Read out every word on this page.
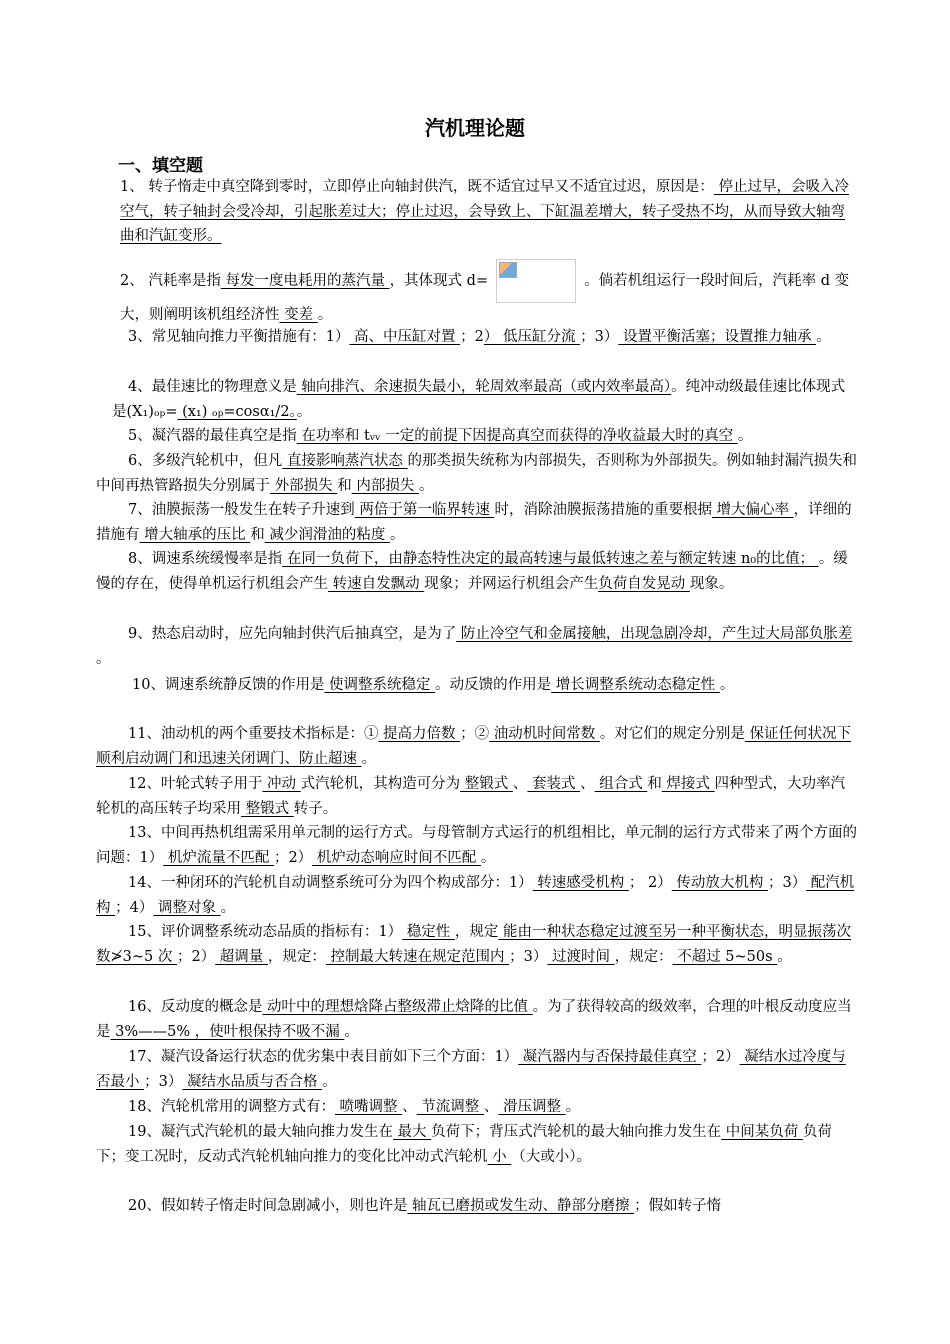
汽机理论题
一、填空题
1、 转子惰走中真空降到零时，立即停止向轴封供汽，既不适宜过早又不适宜过迟，原因是： 停止过早，会吸入冷空气，转子轴封会受冷却，引起胀差过大；停止过迟，会导致上、下缸温差增大，转子受热不均，从而导致大轴弯曲和汽缸变形。
2、 汽耗率是指 每发一度电耗用的蒸汽量 ，其体现式 d=	。倘若机组运行一段时间后，汽耗率 d 变大，则阐明该机组经济性 变差 。
3、常见轴向推力平衡措施有：1） 高、中压缸对置 ；2） 低压缸分流 ；3） 设置平衡活塞；设置推力轴承 。
4、最佳速比的物理意义是 轴向排汽、余速损失最小，轮周效率最高（或内效率最高）。纯冲动级最佳速比体现式是(X₁)ₒₚ= (x₁) ₒₚ=cosα₁/2。。
5、凝汽器的最佳真空是指 在功率和 tᵥᵥ 一定的前提下因提高真空而获得的净收益最大时的真空 。
6、多级汽轮机中，但凡 直接影响蒸汽状态 的那类损失统称为内部损失，否则称为外部损失。例如轴封漏汽损失和中间再热管路损失分别属于 外部损失 和 内部损失 。
7、油膜振荡一般发生在转子升速到 两倍于第一临界转速 时，消除油膜振荡措施的重要根据 增大偏心率 ，详细的措施有 增大轴承的压比 和 减少润滑油的粘度 。
8、调速系统缓慢率是指 在同一负荷下，由静态特性决定的最高转速与最低转速之差与额定转速 n₀的比值； 。缓慢的存在，使得单机运行机组会产生 转速自发飘动 现象；并网运行机组会产生负荷自发晃动 现象。
9、热态启动时，应先向轴封供汽后抽真空，是为了 防止冷空气和金属接触，出现急剧冷却，产生过大局部负胀差 。
10、调速系统静反馈的作用是 使调整系统稳定 。动反馈的作用是 增长调整系统动态稳定性 。
11、油动机的两个重要技术指标是：① 提高力倍数 ；② 油动机时间常数 。对它们的规定分别是 保证任何状况下顺利启动调门和迅速关闭调门、防止超速 。
12、叶轮式转子用于 冲动 式汽轮机，其构造可分为 整锻式 、 套装式 、 组合式 和 焊接式 四种型式，大功率汽轮机的高压转子均采用 整锻式 转子。
13、中间再热机组需采用单元制的运行方式。与母管制方式运行的机组相比，单元制的运行方式带来了两个方面的问题：1） 机炉流量不匹配 ；2） 机炉动态响应时间不匹配 。
14、一种闭环的汽轮机自动调整系统可分为四个构成部分：1） 转速感受机构 ； 2） 传动放大机构 ；3） 配汽机构 ；4） 调整对象 。
15、评价调整系统动态品质的指标有：1） 稳定性 ，规定 能由一种状态稳定过渡至另一种平衡状态，明显振荡次数≯3~5 次 ；2） 超调量 ，规定： 控制最大转速在规定范围内 ；3） 过渡时间 ，规定： 不超过 5~50s 。
16、反动度的概念是 动叶中的理想焓降占整级滞止焓降的比值 。为了获得较高的级效率，合理的叶根反动度应当是 3%——5% ，使叶根保持不吸不漏 。
17、凝汽设备运行状态的优劣集中表目前如下三个方面：1） 凝汽器内与否保持最佳真空 ；2） 凝结水过冷度与否最小 ；3） 凝结水品质与否合格 。
18、汽轮机常用的调整方式有： 喷嘴调整 、 节流调整 、 滑压调整 。
19、凝汽式汽轮机的最大轴向推力发生在 最大 负荷下；背压式汽轮机的最大轴向推力发生在 中间某负荷 负荷下；变工况时，反动式汽轮机轴向推力的变化比冲动式汽轮机 小 （大或小）。
20、假如转子惰走时间急剧减小，则也许是 轴瓦已磨损或发生动、静部分磨擦 ；假如转子惰
